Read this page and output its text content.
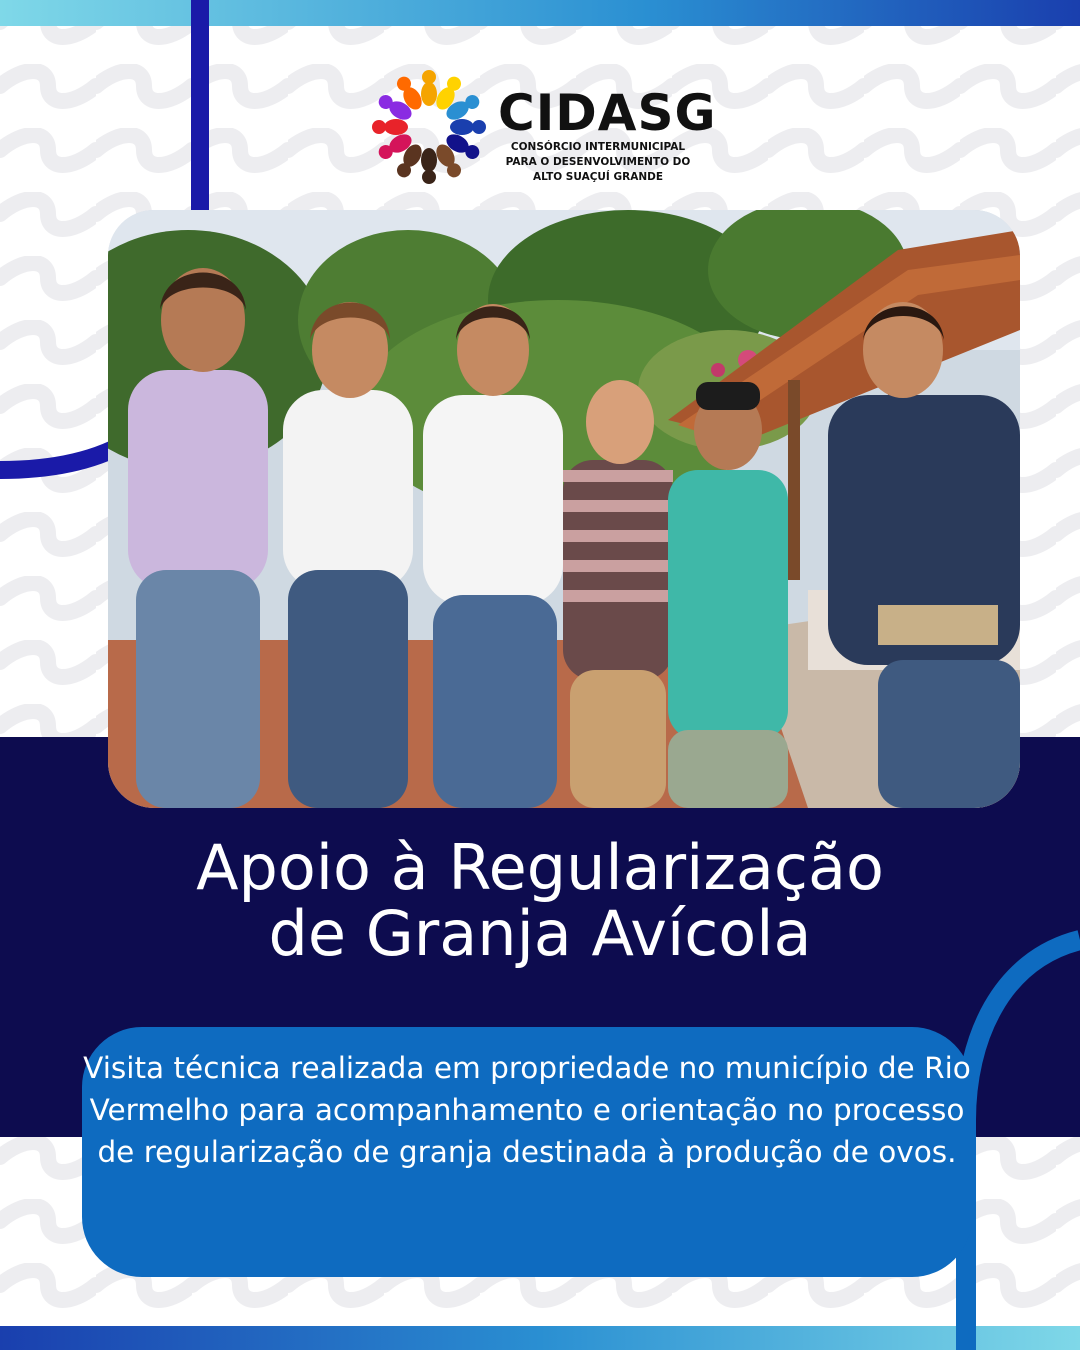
CIDASG
CONSÓRCIO INTERMUNICIPAL
PARA O DESENVOLVIMENTO DO
ALTO SUAÇUÍ GRANDE
Apoio à Regularização
de Granja Avícola
Visita técnica realizada em propriedade no município de Rio Vermelho para acompanhamento e orientação no processo de regularização de granja destinada à produção de ovos.
